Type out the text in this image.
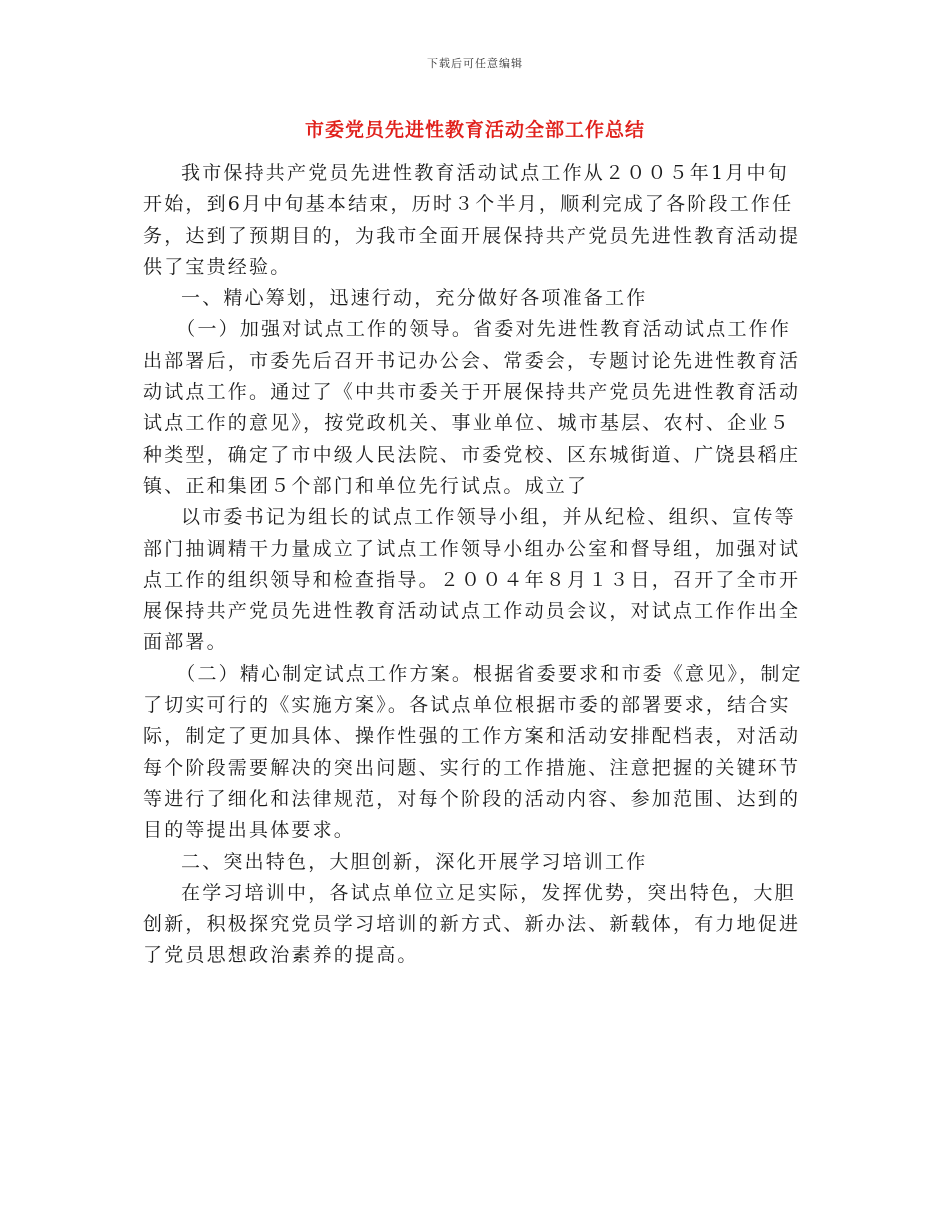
下载后可任意编辑
市委党员先进性教育活动全部工作总结

我市保持共产党员先进性教育活动试点工作从２００５年1月中旬开始，到6月中旬基本结束，历时３个半月，顺利完成了各阶段工作任务，达到了预期目的，为我市全面开展保持共产党员先进性教育活动提供了宝贵经验。

一、精心筹划，迅速行动，充分做好各项准备工作

（一）加强对试点工作的领导。省委对先进性教育活动试点工作作出部署后，市委先后召开书记办公会、常委会，专题讨论先进性教育活动试点工作。通过了《中共市委关于开展保持共产党员先进性教育活动试点工作的意见》，按党政机关、事业单位、城市基层、农村、企业５种类型，确定了市中级人民法院、市委党校、区东城街道、广饶县稻庄镇、正和集团５个部门和单位先行试点。成立了

以市委书记为组长的试点工作领导小组，并从纪检、组织、宣传等部门抽调精干力量成立了试点工作领导小组办公室和督导组，加强对试点工作的组织领导和检查指导。２００４年８月１３日，召开了全市开展保持共产党员先进性教育活动试点工作动员会议，对试点工作作出全面部署。

（二）精心制定试点工作方案。根据省委要求和市委《意见》，制定了切实可行的《实施方案》。各试点单位根据市委的部署要求，结合实际，制定了更加具体、操作性强的工作方案和活动安排配档表，对活动每个阶段需要解决的突出问题、实行的工作措施、注意把握的关键环节等进行了细化和法律规范，对每个阶段的活动内容、参加范围、达到的目的等提出具体要求。

二、突出特色，大胆创新，深化开展学习培训工作

在学习培训中，各试点单位立足实际，发挥优势，突出特色，大胆创新，积极探究党员学习培训的新方式、新办法、新载体，有力地促进了党员思想政治素养的提高。
